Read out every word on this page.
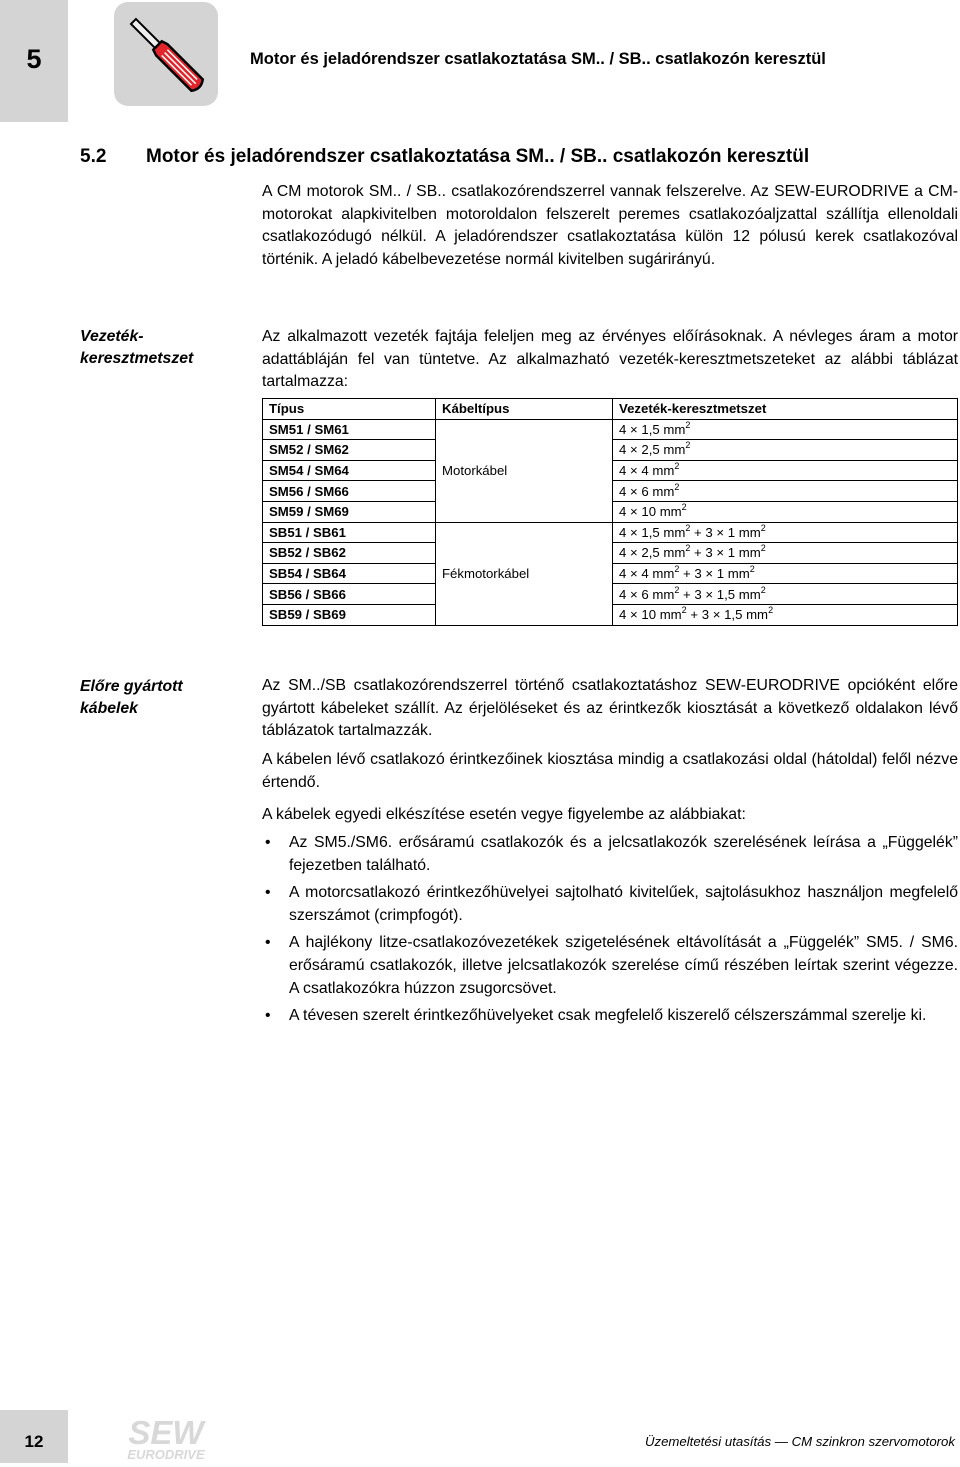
5	Motor és jeladórendszer csatlakoztatása SM.. / SB.. csatlakozón keresztül
5.2 Motor és jeladórendszer csatlakoztatása SM.. / SB.. csatlakozón keresztül
A CM motorok SM.. / SB.. csatlakozórendszerrel vannak felszerelve. Az SEW-EURODRIVE a CM-motorokat alapkivitelben motoroldalon felszerelt peremes csatlakozóaljzattal szállítja ellenoldali csatlakozódugó nélkül. A jeladórendszer csatlakoztatása külön 12 pólusú kerek csatlakozóval történik. A jeladó kábelbevezetése normál kivitelben sugárirányú.
Vezeték-
keresztmetszet
Az alkalmazott vezeték fajtája feleljen meg az érvényes előírásoknak. A névleges áram a motor adattábláján fel van tüntetve. Az alkalmazható vezeték-keresztmetszeteket az alábbi táblázat tartalmazza:
Típus	Kábeltípus	Vezeték-keresztmetszet
SM51 / SM61		4 × 1,5 $mm^2$
SM52 / SM62		4 × 2,5 $mm^2$
SM54 / SM64	Motorkábel	4 × 4 $mm^2$
SM56 / SM66		4 × 6 $mm^2$
SM59 / SM69		4 × 10 $mm^2$
SB51 / SB61		4 × 1,5 $mm^2 + 3 \times 1$ $mm^2$
SB52 / SB62		4 × 2,5 $mm^2 + 3 \times 1$ $mm^2$
SB54 / SB64	Fékmotorkábel	4 × 4 $mm^2 + 3 \times 1$ $mm^2$
SB56 / SB66		4 × 6 $mm^2 + 3 \times 1,5$ $mm^2$
SB59 / SB69		4 × 10 $mm^2 + 3 \times 1,5$ $mm^2$
Előre gyártott
kábelek
Az SM../SB csatlakozórendszerrel történő csatlakoztatáshoz SEW-EURODRIVE opcióként előre gyártott kábeleket szállít. Az érjelöléseket és az érintkezők kiosztását a következő oldalakon lévő táblázatok tartalmazzák.
A kábelen lévő csatlakozó érintkezőinek kiosztása mindig a csatlakozási oldal (hátoldal) felől nézve értendő.
A kábelek egyedi elkészítése esetén vegye figyelembe az alábbiakat:
• Az SM5./SM6. erősáramú csatlakozók és a jelcsatlakozók szerelésének leírása a „Függelék” fejezetben található.
• A motorcsatlakozó érintkezőhüvelyei sajtolható kivitelűek, sajtolásukhoz használjon megfelelő szerszámot (crimpfogót).
• A hajlékony litze-csatlakozóvezetékek szigetelésének eltávolítását a „Függelék” SM5. / SM6. erősáramú csatlakozók, illetve jelcsatlakozók szerelése című részében leírtak szerint végezze. A csatlakozókra húzzon zsugorcsövet.
• A tévesen szerelt érintkezőhüvelyeket csak megfelelő kiszerelő célszerszámmal szerelje ki.
12	SEW
EURODRIVE
Üzemeltetési utasítás — CM szinkron szervomotorok
